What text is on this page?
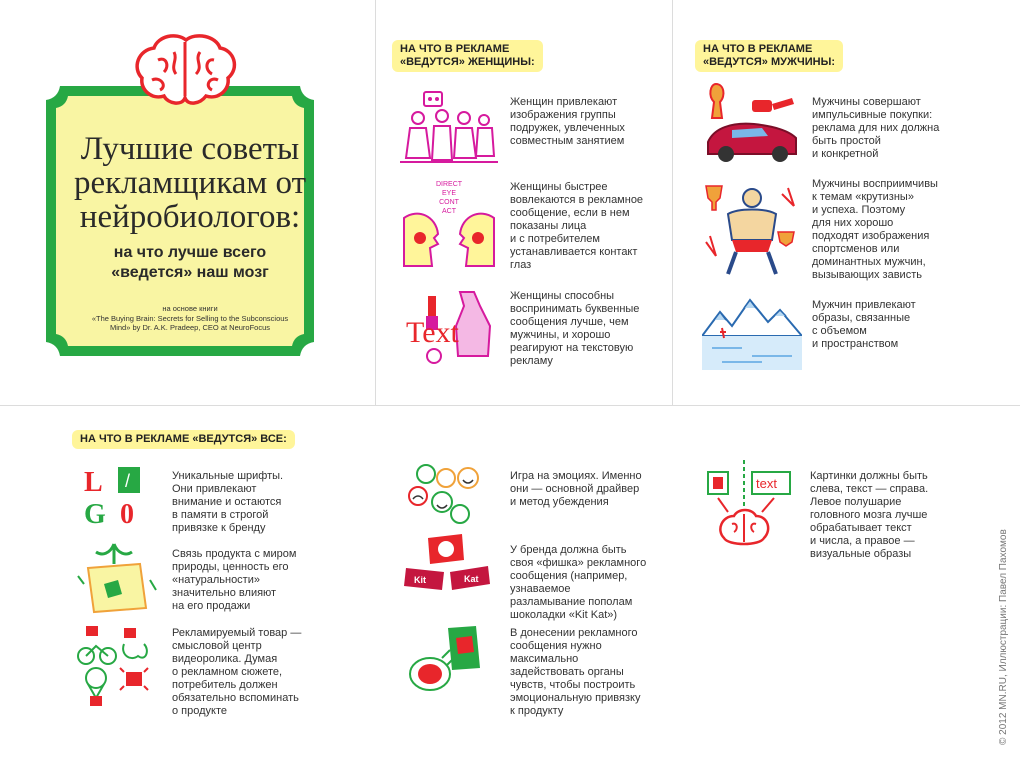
Лучшие советы
рекламщикам от
нейробиологов:
на что лучше всего
«ведется» наш мозг
на основе книги
«The Buying Brain: Secrets for Selling to the Subconscious
Mind» by Dr. A.K. Pradeep, CEO at NeuroFocus
НА ЧТО В РЕКЛАМЕ
«ВЕДУТСЯ» ЖЕНЩИНЫ:
Женщин привлекают
изображения группы
подружек, увлеченных
совместным занятием
DIRECT
EYE
CONT
ACT
Женщины быстрее
вовлекаются в рекламное
сообщение, если в нем
показаны лица
и с потребителем
устанавливается контакт
глаз
Text
Женщины способны
воспринимать буквенные
сообщения лучше, чем
мужчины, и хорошо
реагируют на текстовую
рекламу
НА ЧТО В РЕКЛАМЕ
«ВЕДУТСЯ» МУЖЧИНЫ:
Мужчины совершают
импульсивные покупки:
реклама для них должна
быть простой
и конкретной
Мужчины восприимчивы
к темам «крутизны»
и успеха. Поэтому
для них хорошо
подходят изображения
спортсменов или
доминантных мужчин,
вызывающих зависть
Мужчин привлекают
образы, связанные
с объемом
и пространством
НА ЧТО В РЕКЛАМЕ «ВЕДУТСЯ» ВСЕ:
L /
G 0
Уникальные шрифты.
Они привлекают
внимание и остаются
в памяти в строгой
привязке к бренду
Связь продукта с миром
природы, ценность его
«натуральности»
значительно влияют
на его продажи
Рекламируемый товар —
смысловой центр
видеоролика. Думая
о рекламном сюжете,
потребитель должен
обязательно вспоминать
о продукте
Игра на эмоциях. Именно
они — основной драйвер
и метод убеждения
Kit	Kat
У бренда должна быть
своя «фишка» рекламного
сообщения (например,
узнаваемое
разламывание пополам
шоколадки «Kit Kat»)
В донесении рекламного
сообщения нужно
максимально
задействовать органы
чувств, чтобы построить
эмоциональную привязку
к продукту
text	Картинки должны быть
слева, текст — справа.
Левое полушарие
головного мозга лучше
обрабатывает текст
и числа, а правое —
визуальные образы	© 2012 MN.RU, Иллюстрации: Павел Пахомов
